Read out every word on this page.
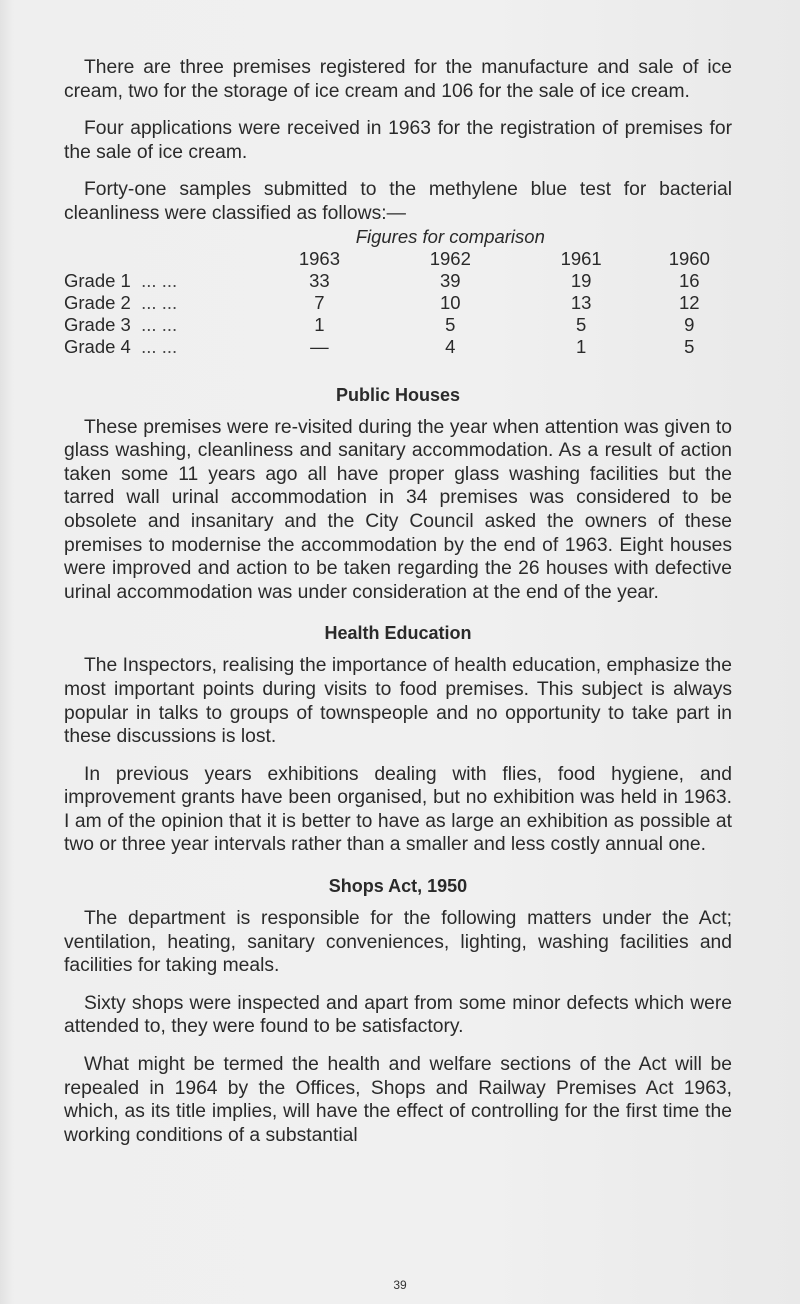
There are three premises registered for the manufacture and sale of ice cream, two for the storage of ice cream and 106 for the sale of ice cream.

Four applications were received in 1963 for the registration of premises for the sale of ice cream.

Forty-one samples submitted to the methylene blue test for bacterial cleanliness were classified as follows:—

		Figures for comparison			
		1963	1962	1961	1960
Grade 1 ... ...		33	39	19	16
Grade 2 ... ...		7	10	13	12
Grade 3 ... ...		1	5	5	9
Grade 4 ... ...		—	4	1	5
Public Houses

These premises were re-visited during the year when attention was given to glass washing, cleanliness and sanitary accommodation. As a result of action taken some 11 years ago all have proper glass washing facilities but the tarred wall urinal accommodation in 34 premises was considered to be obsolete and insanitary and the City Council asked the owners of these premises to modernise the accommodation by the end of 1963. Eight houses were improved and action to be taken regarding the 26 houses with defective urinal accommodation was under consideration at the end of the year.

Health Education

The Inspectors, realising the importance of health education, emphasize the most important points during visits to food premises. This subject is always popular in talks to groups of townspeople and no opportunity to take part in these discussions is lost.

In previous years exhibitions dealing with flies, food hygiene, and improvement grants have been organised, but no exhibition was held in 1963. I am of the opinion that it is better to have as large an exhibition as possible at two or three year intervals rather than a smaller and less costly annual one.

Shops Act, 1950

The department is responsible for the following matters under the Act; ventilation, heating, sanitary conveniences, lighting, washing facilities and facilities for taking meals.

Sixty shops were inspected and apart from some minor defects which were attended to, they were found to be satisfactory.

What might be termed the health and welfare sections of the Act will be repealed in 1964 by the Offices, Shops and Railway Premises Act 1963, which, as its title implies, will have the effect of controlling for the first time the working conditions of a substantial

39
